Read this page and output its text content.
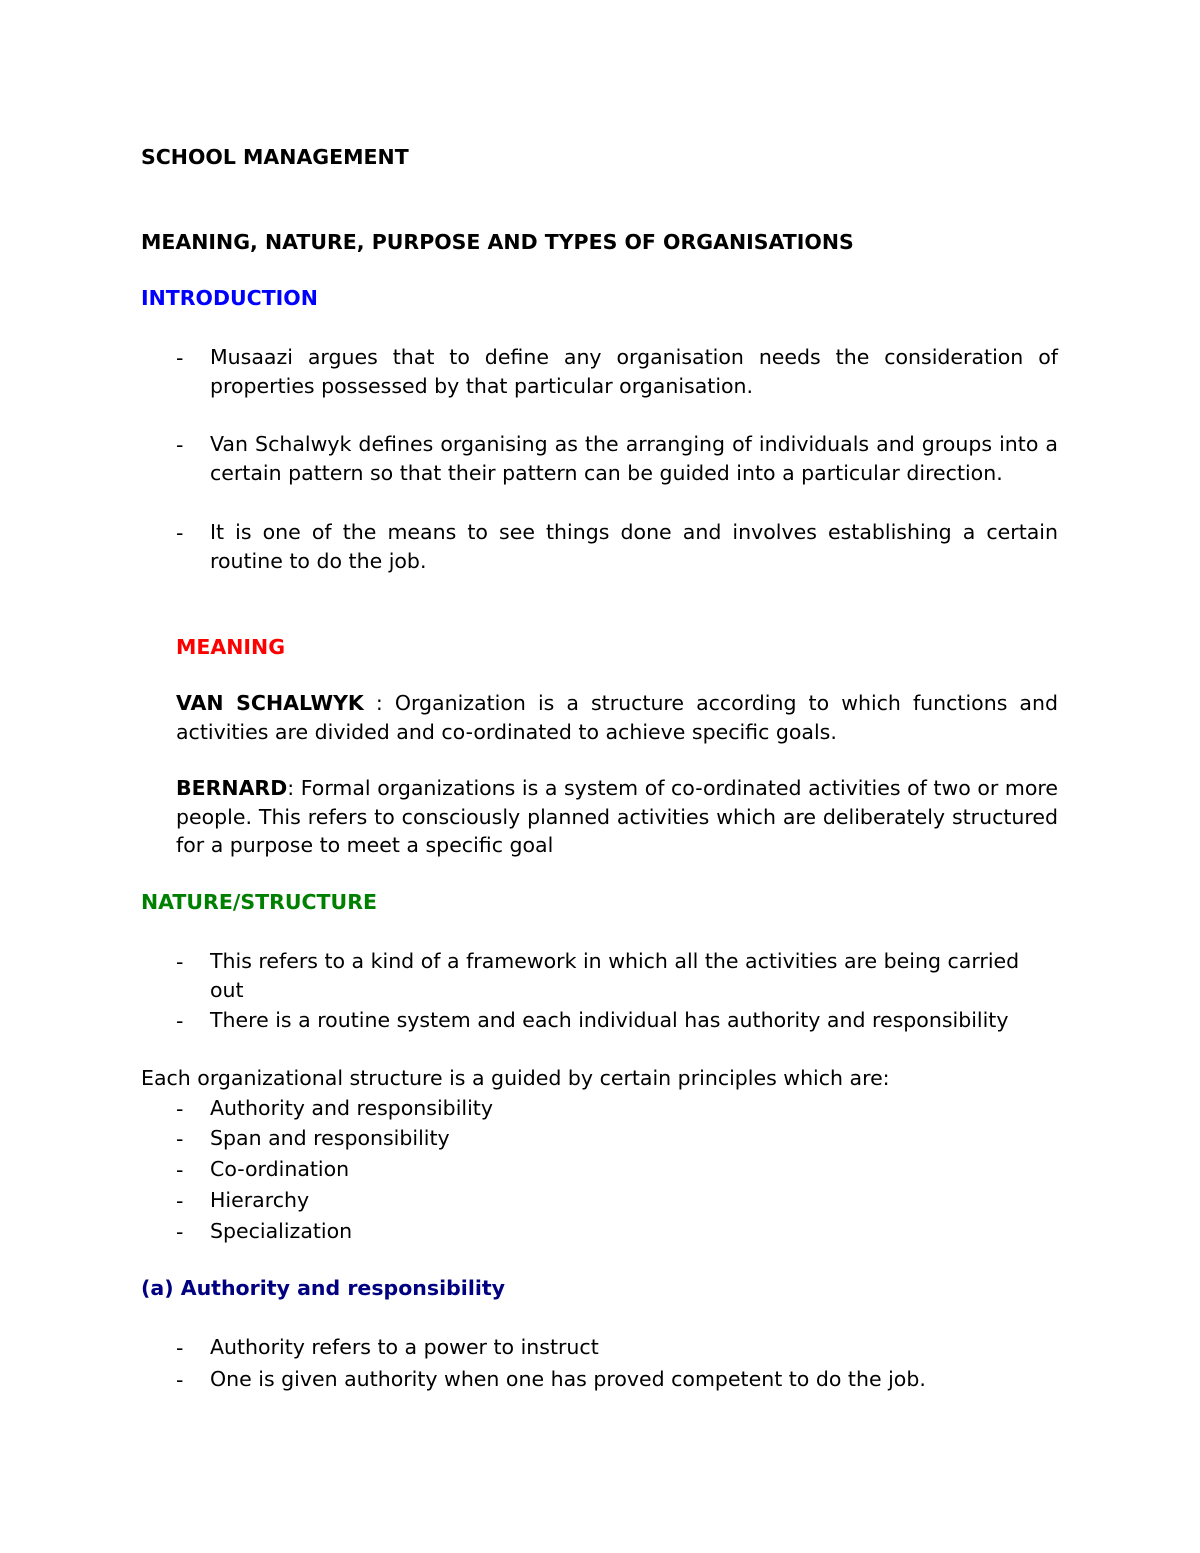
SCHOOL MANAGEMENT
MEANING, NATURE, PURPOSE AND TYPES OF ORGANISATIONS
INTRODUCTION
- Musaazi argues that to define any organisation needs the consideration of properties possessed by that particular organisation.
- Van Schalwyk defines organising as the arranging of individuals and groups into a certain pattern so that their pattern can be guided into a particular direction.
- It is one of the means to see things done and involves establishing a certain routine to do the job.
MEANING
VAN SCHALWYK : Organization is a structure according to which functions and activities are divided and co-ordinated to achieve specific goals.
BERNARD: Formal organizations is a system of co-ordinated activities of two or more people. This refers to consciously planned activities which are deliberately structured for a purpose to meet a specific goal
NATURE/STRUCTURE
- This refers to a kind of a framework in which all the activities are being carried out
- There is a routine system and each individual has authority and responsibility
Each organizational structure is a guided by certain principles which are:
- Authority and responsibility
- Span and responsibility
- Co-ordination
- Hierarchy
- Specialization
(a) Authority and responsibility
- Authority refers to a power to instruct
- One is given authority when one has proved competent to do the job.
